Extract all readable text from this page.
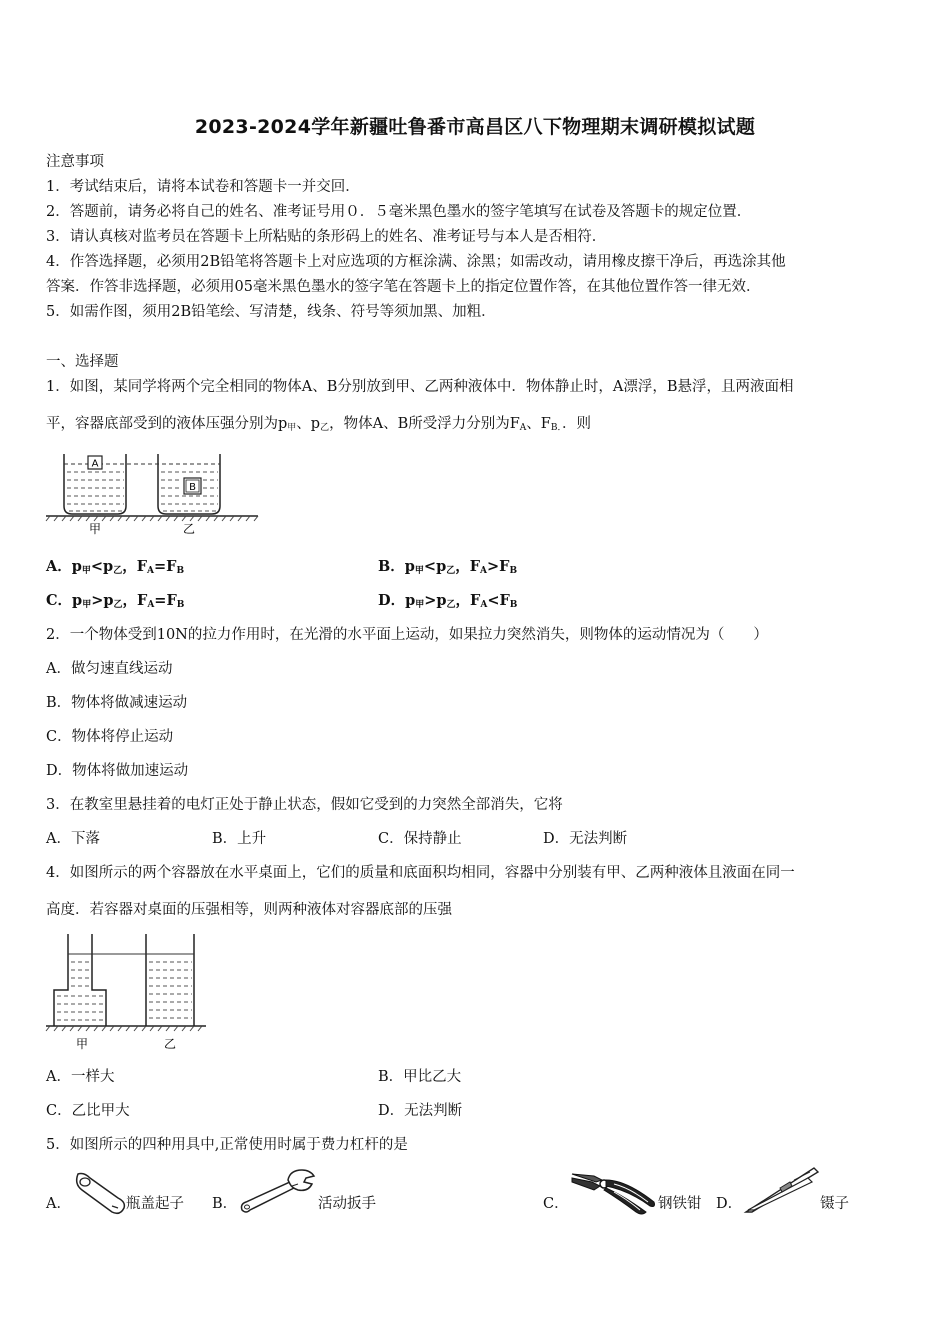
2023-2024学年新疆吐鲁番市高昌区八下物理期末调研模拟试题
注意事项
1．考试结束后，请将本试卷和答题卡一并交回．
2．答题前，请务必将自己的姓名、准考证号用０．５毫米黑色墨水的签字笔填写在试卷及答题卡的规定位置．
3．请认真核对监考员在答题卡上所粘贴的条形码上的姓名、准考证号与本人是否相符．
4．作答选择题，必须用2B铅笔将答题卡上对应选项的方框涂满、涂黑；如需改动，请用橡皮擦干净后，再选涂其他
答案．作答非选择题，必须用05毫米黑色墨水的签字笔在答题卡上的指定位置作答，在其他位置作答一律无效．
5．如需作图，须用2B铅笔绘、写清楚，线条、符号等须加黑、加粗．
一、选择题
1．如图，某同学将两个完全相同的物体A、B分别放到甲、乙两种液体中．物体静止时，A漂浮，B悬浮，且两液面相
平，容器底部受到的液体压强分别为$p_甲$、$p_乙$，物体A、B所受浮力分别为$F_A$、$F_{B.}$．则
A
B
甲	乙
A．$p_甲<p_乙$，$F_A=F_B$	B．$p_甲<p_乙$，$F_A>F_B$
C．$p_甲>p_乙$，$F_A=F_B$	D．$p_甲>p_乙$，$F_A<F_B$
2．一个物体受到10N的拉力作用时，在光滑的水平面上运动，如果拉力突然消失，则物体的运动情况为（　　）
A．做匀速直线运动
B．物体将做减速运动
C．物体将停止运动
D．物体将做加速运动
3．在教室里悬挂着的电灯正处于静止状态，假如它受到的力突然全部消失，它将
A．下落	B．上升	C．保持静止	D．无法判断
4．如图所示的两个容器放在水平桌面上，它们的质量和底面积均相同，容器中分别装有甲、乙两种液体且液面在同一
高度．若容器对桌面的压强相等，则两种液体对容器底部的压强
甲	乙
A．一样大	B．甲比乙大
C．乙比甲大	D．无法判断
5．如图所示的四种用具中,正常使用时属于费力杠杆的是
A．	瓶盖起子 B．	活动扳手	C．	钢铁钳 D．	镊子
